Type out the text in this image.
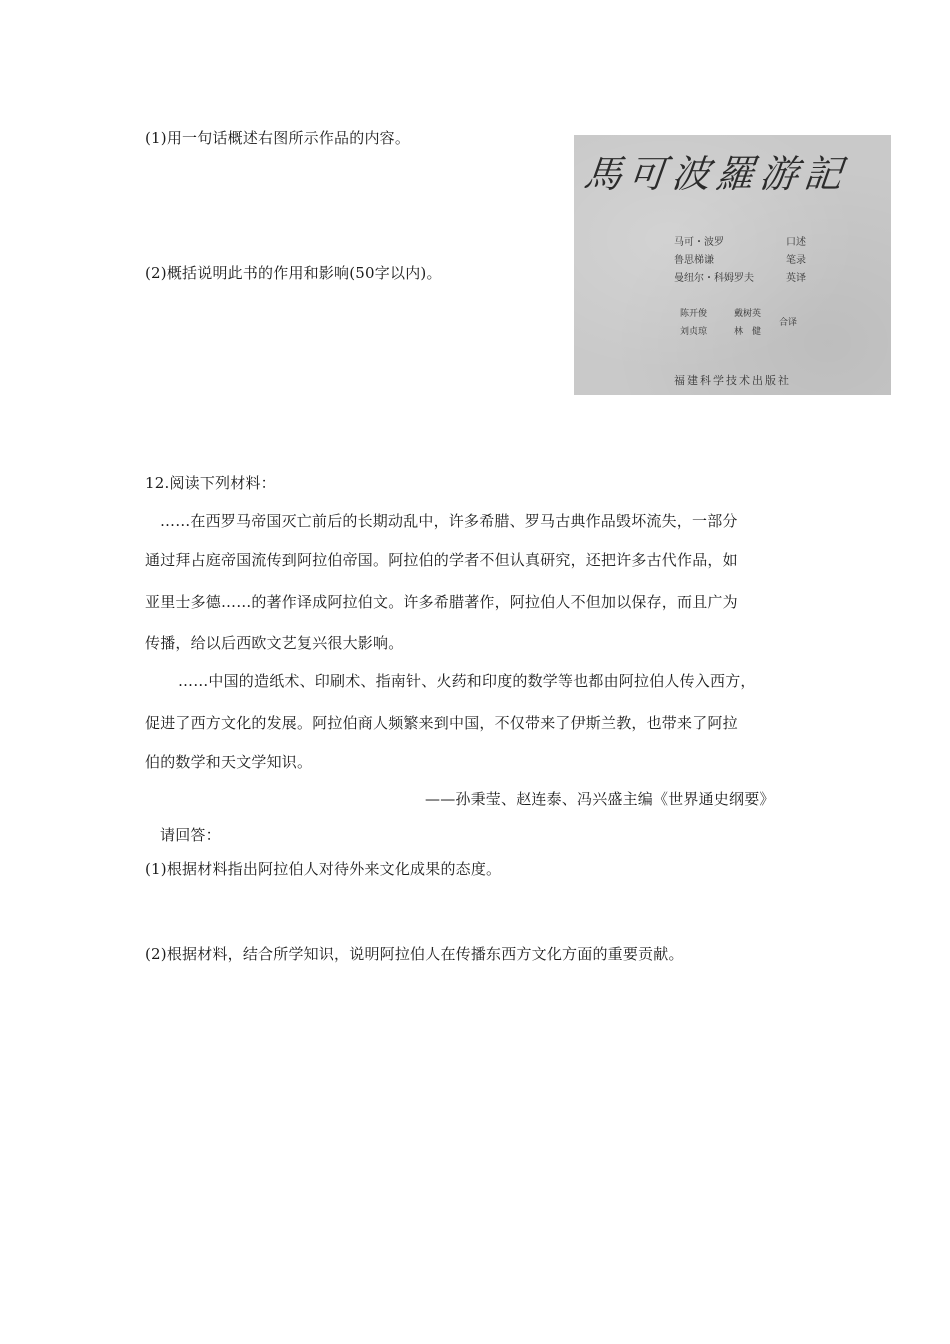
(1)用一句话概述右图所示作品的内容。
(2)概括说明此书的作用和影响(50字以内)。
馬可波羅游記
马可・波罗	口述
鲁思梯谦	笔录
曼纽尔・科姆罗夫	英译
陈开俊	戴树英
刘贞琼	林　健
合译
福建科学技术出版社
12.阅读下列材料：
……在西罗马帝国灭亡前后的长期动乱中，许多希腊、罗马古典作品毁坏流失，一部分
通过拜占庭帝国流传到阿拉伯帝国。阿拉伯的学者不但认真研究，还把许多古代作品，如
亚里士多德……的著作译成阿拉伯文。许多希腊著作，阿拉伯人不但加以保存，而且广为
传播，给以后西欧文艺复兴很大影响。
……中国的造纸术、印刷术、指南针、火药和印度的数学等也都由阿拉伯人传入西方，
促进了西方文化的发展。阿拉伯商人频繁来到中国，不仅带来了伊斯兰教，也带来了阿拉
伯的数学和天文学知识。
——孙秉莹、赵连泰、冯兴盛主编《世界通史纲要》
请回答：
(1)根据材料指出阿拉伯人对待外来文化成果的态度。
(2)根据材料，结合所学知识，说明阿拉伯人在传播东西方文化方面的重要贡献。
